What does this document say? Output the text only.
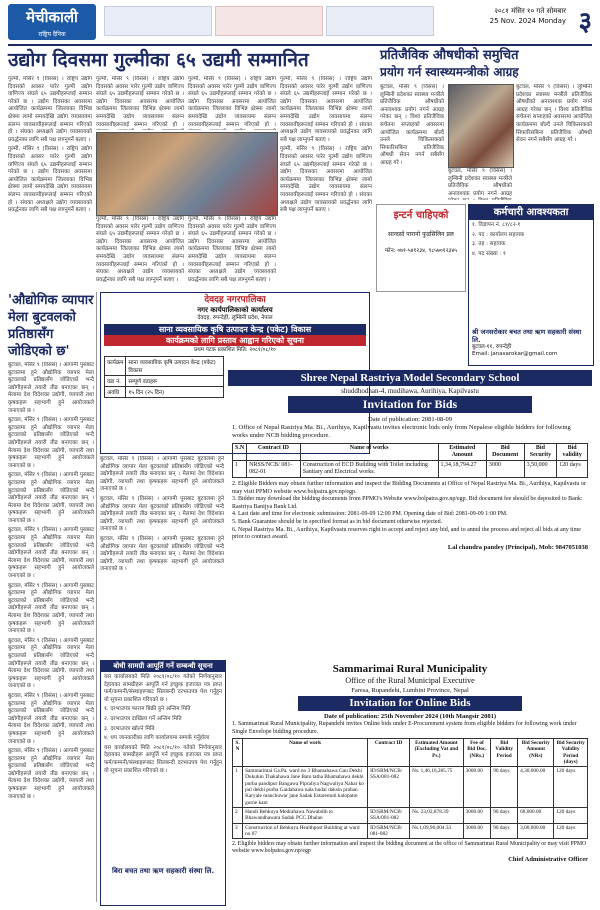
मेचीकाली
राष्ट्रिय दैनिक
२०८१ मंसिर १० गते सोमबार
25 Nov. 2024 Monday ३
उद्योग दिवसमा गुल्मीका ६५ उद्यमी सम्मानित	प्रतिजैविक औषधीको समुचित
प्रयोग गर्न स्वास्थ्यमन्त्रीको आग्रह

गुल्मी, मंसिर ९ (विसंस) । राष्ट्रिय उद्योग दिवसको अवसर पारेर गुल्मी उद्योग वाणिज्य संघले ६५ उद्यमीहरूलाई सम्मान गरेको छ । उद्योग दिवसका अवसरमा आयोजित कार्यक्रममा जिल्लाका विभिन्न क्षेत्रमा लामो समयदेखि उद्योग व्यवसायमा संलग्न व्यवसायीहरूलाई सम्मान गरिएको हो । संघका अध्यक्षले उद्योग व्यवसायको प्रवर्द्धनका लागि सबै पक्ष लाग्नुपर्ने बताए ।

गुल्मी, मंसिर ९ (विसंस) । राष्ट्रिय उद्योग दिवसको अवसर पारेर गुल्मी उद्योग वाणिज्य संघले ६५ उद्यमीहरूलाई सम्मान गरेको छ । उद्योग दिवसका अवसरमा आयोजित कार्यक्रममा जिल्लाका विभिन्न क्षेत्रमा लामो समयदेखि उद्योग व्यवसायमा संलग्न व्यवसायीहरूलाई सम्मान गरिएको हो । संघका अध्यक्षले उद्योग व्यवसायको प्रवर्द्धनका लागि सबै पक्ष लाग्नुपर्ने बताए ।

गुल्मी, मंसिर ९ (विसंस) । राष्ट्रिय उद्योग दिवसको अवसर पारेर गुल्मी उद्योग वाणिज्य संघले ६५ उद्यमीहरूलाई सम्मान गरेको छ । उद्योग दिवसका अवसरमा आयोजित कार्यक्रममा जिल्लाका विभिन्न क्षेत्रमा लामो समयदेखि उद्योग व्यवसायमा संलग्न व्यवसायीहरूलाई सम्मान गरिएको हो ।

गुल्मी, मंसिर ९ (विसंस) । राष्ट्रिय उद्योग दिवसको अवसर पारेर गुल्मी उद्योग वाणिज्य संघले ६५ उद्यमीहरूलाई सम्मान गरेको छ । उद्योग दिवसका अवसरमा आयोजित कार्यक्रममा जिल्लाका विभिन्न क्षेत्रमा लामो समयदेखि उद्योग व्यवसायमा संलग्न व्यवसायीहरूलाई सम्मान गरिएको हो ।

गुल्मी, मंसिर ९ (विसंस) । राष्ट्रिय उद्योग दिवसको अवसर पारेर गुल्मी उद्योग वाणिज्य संघले ६५ उद्यमीहरूलाई सम्मान गरेको छ । उद्योग दिवसका अवसरमा आयोजित कार्यक्रममा जिल्लाका विभिन्न क्षेत्रमा लामो समयदेखि उद्योग व्यवसायमा संलग्न व्यवसायीहरूलाई सम्मान गरिएको हो । संघका अध्यक्षले उद्योग व्यवसायको प्रवर्द्धनका लागि सबै पक्ष लाग्नुपर्ने बताए ।

गुल्मी, मंसिर ९ (विसंस) । राष्ट्रिय उद्योग दिवसको अवसर पारेर गुल्मी उद्योग वाणिज्य संघले ६५ उद्यमीहरूलाई सम्मान गरेको छ । उद्योग दिवसका अवसरमा आयोजित कार्यक्रममा जिल्लाका विभिन्न क्षेत्रमा लामो समयदेखि उद्योग व्यवसायमा संलग्न व्यवसायीहरूलाई सम्मान गरिएको हो । संघका अध्यक्षले उद्योग व्यवसायको प्रवर्द्धनका लागि सबै पक्ष लाग्नुपर्ने बताए ।

गुल्मी, मंसिर ९ (विसंस) । राष्ट्रिय उद्योग दिवसको अवसर पारेर गुल्मी उद्योग वाणिज्य संघले ६५ उद्यमीहरूलाई सम्मान गरेको छ । उद्योग दिवसका अवसरमा आयोजित कार्यक्रममा जिल्लाका विभिन्न क्षेत्रमा लामो समयदेखि उद्योग व्यवसायमा संलग्न व्यवसायीहरूलाई सम्मान गरिएको हो । संघका अध्यक्षले उद्योग व्यवसायको प्रवर्द्धनका लागि सबै पक्ष लाग्नुपर्ने बताए ।

गुल्मी, मंसिर ९ (विसंस) । राष्ट्रिय उद्योग दिवसको अवसर पारेर गुल्मी उद्योग वाणिज्य संघले ६५ उद्यमीहरूलाई सम्मान गरेको छ । उद्योग दिवसका अवसरमा आयोजित कार्यक्रममा जिल्लाका विभिन्न क्षेत्रमा लामो समयदेखि उद्योग व्यवसायमा संलग्न व्यवसायीहरूलाई सम्मान गरिएको हो । संघका अध्यक्षले उद्योग व्यवसायको प्रवर्द्धनका लागि सबै पक्ष लाग्नुपर्ने बताए ।

बुटवल, मंसिर ९ (विसंस) । लुम्बिनी प्रदेशका स्वास्थ्य मन्त्रीले प्रतिजैविक औषधीको अनावश्यक प्रयोग नगर्न आग्रह गरेका छन् । विश्व प्रतिजैविक सचेतना सप्ताहको अवसरमा आयोजित कार्यक्रममा बोल्दै उनले चिकित्सकको सिफारिसबिना प्रतिजैविक औषधी सेवन नगर्न सबैसँग आग्रह गरे ।

बुटवल, मंसिर ९ (विसंस) । लुम्बिनी प्रदेशका स्वास्थ्य मन्त्रीले प्रतिजैविक औषधीको अनावश्यक प्रयोग नगर्न आग्रह गरेका छन् । विश्व प्रतिजैविक सचेतना सप्ताहको अवसरमा आयोजित कार्यक्रममा बोल्दै उनले चिकित्सकको सिफारिसबिना प्रतिजैविक औषधी सेवन नगर्न सबैसँग आग्रह गरे ।

बुटवल, मंसिर ९ (विसंस) । लुम्बिनी प्रदेशका स्वास्थ्य मन्त्रीले प्रतिजैविक औषधीको अनावश्यक प्रयोग नगर्न आग्रह

इन्टर्न चाहिएको
सान्दसो पारानो फुडसिलिन प्रल
फोन: ०७१-५४१२३४, ९८५७०१२३४५
कर्मचारी आवश्यकता

१. विज्ञापन नं. ८१/८२-१

२. पद : कार्यालय सहायक

३. तह : सहायक

४. पद संख्या : १

श्री जनसरोकार बचत तथा ऋण सहकारी संस्था लि.
बुटवल-११, रुपन्देही
Email: janasarokar@gmail.com
'औद्योगिक व्यापार मेला बुटवलको प्रतिष्ठासँग जोडिएको छ'

बुटवल, मंसिर ९ (विसंस) । आगामी पुसबाट बुटवलमा हुने औद्योगिक व्यापार मेला बुटवलको प्रतिष्ठासँग जोडिएको भन्दै उद्योगीहरूले तयारी तीव्र बनाएका छन् । मेलामा देश विदेशका उद्योगी, व्यापारी तथा कृषकहरू सहभागी हुने आयोजकले जनाएको छ ।

बुटवल, मंसिर ९ (विसंस) । आगामी पुसबाट बुटवलमा हुने औद्योगिक व्यापार मेला बुटवलको प्रतिष्ठासँग जोडिएको भन्दै उद्योगीहरूले तयारी तीव्र बनाएका छन् । मेलामा देश विदेशका उद्योगी, व्यापारी तथा कृषकहरू सहभागी हुने आयोजकले जनाएको छ ।

बुटवल, मंसिर ९ (विसंस) । आगामी पुसबाट बुटवलमा हुने औद्योगिक व्यापार मेला बुटवलको प्रतिष्ठासँग जोडिएको भन्दै उद्योगीहरूले तयारी तीव्र बनाएका छन् । मेलामा देश विदेशका उद्योगी, व्यापारी तथा कृषकहरू सहभागी हुने आयोजकले जनाएको छ ।

बुटवल, मंसिर ९ (विसंस) । आगामी पुसबाट बुटवलमा हुने औद्योगिक व्यापार मेला बुटवलको प्रतिष्ठासँग जोडिएको भन्दै उद्योगीहरूले तयारी तीव्र बनाएका छन् । मेलामा देश विदेशका उद्योगी, व्यापारी तथा कृषकहरू सहभागी हुने आयोजकले जनाएको छ ।

बुटवल, मंसिर ९ (विसंस) । आगामी पुसबाट बुटवलमा हुने औद्योगिक व्यापार मेला बुटवलको प्रतिष्ठासँग जोडिएको भन्दै उद्योगीहरूले तयारी तीव्र बनाएका छन् । मेलामा देश विदेशका उद्योगी, व्यापारी तथा कृषकहरू सहभागी हुने आयोजकले जनाएको छ ।

बुटवल, मंसिर ९ (विसंस) । आगामी पुसबाट बुटवलमा हुने औद्योगिक व्यापार मेला बुटवलको प्रतिष्ठासँग जोडिएको भन्दै उद्योगीहरूले तयारी तीव्र बनाएका छन् । मेलामा देश विदेशका उद्योगी, व्यापारी तथा कृषकहरू सहभागी हुने आयोजकले जनाएको छ ।

बुटवल, मंसिर ९ (विसंस) । आगामी पुसबाट बुटवलमा हुने औद्योगिक व्यापार मेला बुटवलको प्रतिष्ठासँग जोडिएको भन्दै उद्योगीहरूले तयारी तीव्र बनाएका छन् । मेलामा देश विदेशका उद्योगी, व्यापारी तथा कृषकहरू सहभागी हुने आयोजकले जनाएको छ ।

बुटवल, मंसिर ९ (विसंस) । आगामी पुसबाट बुटवलमा हुने औद्योगिक व्यापार मेला बुटवलको प्रतिष्ठासँग जोडिएको भन्दै उद्योगीहरूले तयारी तीव्र बनाएका छन् । मेलामा देश विदेशका उद्योगी, व्यापारी तथा कृषकहरू सहभागी हुने आयोजकले जनाएको छ ।

देवदह नगरपालिका
नगर कार्यपालिकाको कार्यालय
देवदह, रुपन्देही, लुम्बिनी प्रदेश, नेपाल
साना व्यवसायिक कृषि उत्पादन केन्द्र (पकेट) विकास
कार्यक्रमको लागि प्रस्ताव आह्वान गरिएको सूचना
प्रथम पटक प्रकाशित मिति: २०८१/०८/१०
कार्यक्रम	साना व्यवसायिक कृषि उत्पादन केन्द्र (पकेट) विकास
वडा नं.	सम्पूर्ण वडाहरू
अवधि	१५ दिन (२५ दिन)
Shree Nepal Rastriya Model Secondary School
shuddhodhan-4, mudihawa, Aurihiya, Kapilvastu
Invitation for Bids
Date of publication: 2081-08-09
1. Office of Nepal Rastriya Ma. Bi., Aurihiya, Kapilvastu invites electronic bids only from Nepalese eligible bidders for following works under NCB bidding procedure.
S.N	Contract ID	Name of works	Estimated Amount	Bid Document	Bid Security	Bid validity
1	NRSS/NCB/ 081-082-01	Construction of ECD Building with Toilet including Sanitary and Electrical works.	1,34,18,794.27	3000	3,50,000	120 days
2. Eligible Bidders may obtain further information and inspect the Bidding Documents at Office of Nepal Rastriya Ma. Bi., Aurihiya, Kapilvastu or may visit PPMO website www.bolpatra.gov.np/egp.
3. Bidder may download the bidding documents from PPMO's Website www.bolpatra.gov.np/egp. Bid document fee should be deposited to Bank: Rastriya Banijya Bank Ltd.
4. Last date and time for electronic submission: 2081-09-09 12:00 PM. Opening date of Bid: 2081-09-09 1:00 PM.
5. Bank Guarantee should be in specified format as in bid document otherwise rejected.
6. Nepal Rastriya Ma. Bi., Aurihiya, Kapilvastu reserves right to accept and reject any bid, and to annul the process and reject all bids at any time prior to contract award.
Lal chandra pandey (Principal), Mob: 9847051038

बुटवल, मंसिर ९ (विसंस) । आगामी पुसबाट बुटवलमा हुने औद्योगिक व्यापार मेला बुटवलको प्रतिष्ठासँग जोडिएको भन्दै उद्योगीहरूले तयारी तीव्र बनाएका छन् । मेलामा देश विदेशका उद्योगी, व्यापारी तथा कृषकहरू सहभागी हुने आयोजकले जनाएको छ ।

बुटवल, मंसिर ९ (विसंस) । आगामी पुसबाट बुटवलमा हुने औद्योगिक व्यापार मेला बुटवलको प्रतिष्ठासँग जोडिएको भन्दै उद्योगीहरूले तयारी तीव्र बनाएका छन् । मेलामा देश विदेशका उद्योगी, व्यापारी तथा कृषकहरू सहभागी हुने आयोजकले जनाएको छ ।

बुटवल, मंसिर ९ (विसंस) । आगामी पुसबाट बुटवलमा हुने औद्योगिक व्यापार मेला बुटवलको प्रतिष्ठासँग जोडिएको भन्दै उद्योगीहरूले तयारी तीव्र बनाएका छन् । मेलामा देश विदेशका उद्योगी, व्यापारी तथा कृषकहरू सहभागी हुने आयोजकले जनाएको छ ।

बोधी सामग्री आपूर्ति गर्ने सम्बन्धी सूचना

यस कार्यालयको मिति २०८१/०८/१० गतेको निर्णयानुसार देहायका सामग्रीहरू आपूर्ति गर्न इच्छुक इजाजत पत्र प्राप्त फर्म/कम्पनी/संस्थाहरूबाट सिलबन्दी दरभाउपत्र पेश गर्नुहुन यो सूचना प्रकाशित गरिएको छ ।

१. दरभाउपत्र फाराम बिक्री हुने अन्तिम मिति

२. दरभाउपत्र दाखिला गर्ने अन्तिम मिति

३. दरभाउपत्र खोल्ने मिति

४. थप जानकारीका लागि कार्यालयमा सम्पर्क गर्नुहोला

यस कार्यालयको मिति २०८१/०८/१० गतेको निर्णयानुसार देहायका सामग्रीहरू आपूर्ति गर्न इच्छुक इजाजत पत्र प्राप्त फर्म/कम्पनी/संस्थाहरूबाट सिलबन्दी दरभाउपत्र पेश गर्नुहुन यो सूचना प्रकाशित गरिएको छ ।

बिरा बचत तथा ऋण सहकारी संस्था लि.
Sammarimai Rural Municipality
Office of the Rural Municipal Executive
Faresa, Rupandehi, Lumbini Province, Nepal
Invitation for Online Bids
Date of publication: 25th November 2024 (10th Mangsir 2081)
1. Sammarimai Rural Municipality, Rupandehi invites Online bids under E-Procurement system from eligible bidders for following work under Single Envelope bidding procedure.
S. N	Name of work	Contract ID	Estimated Amount (Excluding Vat and Ps.)	Fee of Bid Doc. (NRs.)	Bid Validity Period	Bid Security Amount (NRs)	Bid Security Validity Period (days)
1	Sammarimai Ga.Pa. ward no 3 Bhamahawa Gau Dekhi Dukuhin Thakahawa Jane Bato tatha Bhamahawa dekhi purba pandipur Bangawa Pipraliya Nagwaliya Nahar ko pul dekhi purba Gaidahawa nala hudai daksin praban Karyale manchuwar jane Sadak Estaremuti kalopatre gurne kam	ID/SRM/NCB/ SSA/081-082	Ns. 1,46,16,285.75	3000.00	90 days	4,30,000.00	120 days
2	Handi Behkuya Medrahawa Nawabdih to Bhawandhawara Sadak PCC Dhalan	ID/SRM/NCB/ SSA/081-082	Ns. 23,02,878.39	3000.00	90 days	68,000.00	120 days
3	Construction of Behkuya Healthpost Building at ward no 07	ID/SRM/NCB/ 081-082	Ns.1,09,96,004.33	3000.00	90 days	3,00,000.00	120 days
2. Eligible bidders may obtain further information and inspect the bidding document at the office of Sammarimai Rural Municipality or may visit PPMO website www.bolpatra.gov.np/egp
Chief Administrative Officer
